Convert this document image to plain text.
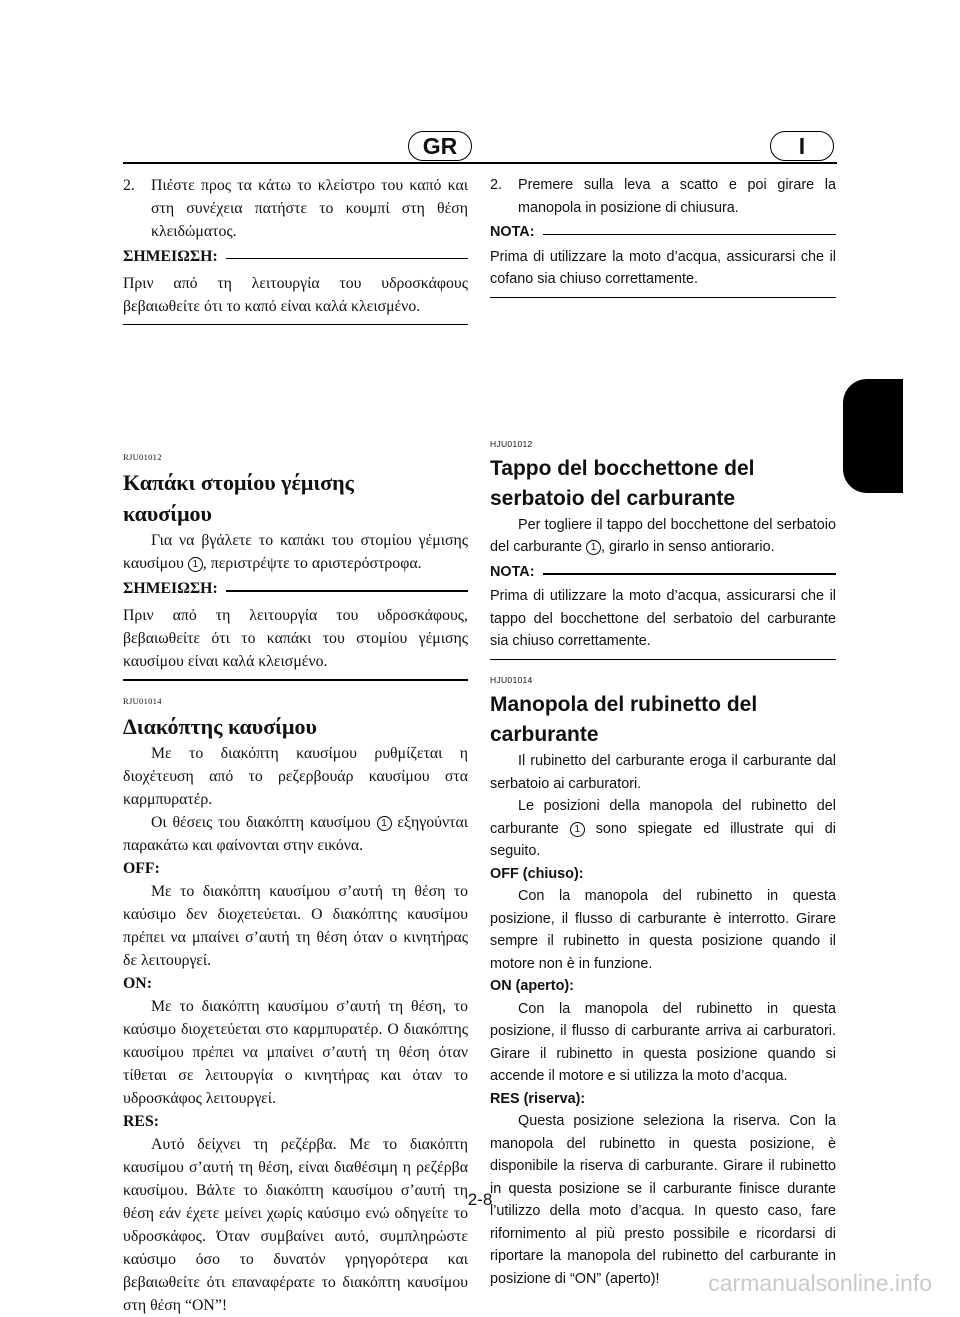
GR	I
2.	Πιέστε προς τα κάτω το κλείστρο του καπό και στη συνέχεια πατήστε το κουμπί στη θέση κλειδώματος.
ΣΗΜΕΙΩΣΗ:

Πριν από τη λειτουργία του υδροσκάφους βεβαιωθείτε ότι το καπό είναι καλά κλεισμένο.

RJU01012
Καπάκι στομίου γέμισης
καυσίμου

Για να βγάλετε το καπάκι του στομίου γέμισης καυσίμου 1 , περιστρέψτε το αριστερόστροφα.

ΣΗΜΕΙΩΣΗ:

Πριν από τη λειτουργία του υδροσκάφους, βεβαιωθείτε ότι το καπάκι του στομίου γέμισης καυσίμου είναι καλά κλεισμένο.

RJU01014
Διακόπτης καυσίμου

Με το διακόπτη καυσίμου ρυθμίζεται η διοχέτευση από το ρεζερβουάρ καυσίμου στα καρμπυρατέρ.

Οι θέσεις του διακόπτη καυσίμου 1 εξηγούνται παρακάτω και φαίνονται στην εικόνα.

OFF:

Με το διακόπτη καυσίμου σ’αυτή τη θέση το καύσιμο δεν διοχετεύεται. Ο διακόπτης καυσίμου πρέπει να μπαίνει σ’αυτή τη θέση όταν ο κινητήρας δε λειτουργεί.

ON:

Με το διακόπτη καυσίμου σ’αυτή τη θέση, το καύσιμο διοχετεύεται στο καρμπυρατέρ. Ο διακόπτης καυσίμου πρέπει να μπαίνει σ’αυτή τη θέση όταν τίθεται σε λειτουργία ο κινητήρας και όταν το υδροσκάφος λειτουργεί.

RES:

Αυτό δείχνει τη ρεζέρβα. Με το διακόπτη καυσίμου σ’αυτή τη θέση, είναι διαθέσιμη η ρεζέρβα καυσίμου. Βάλτε το διακόπτη καυσίμου σ’αυτή τη θέση εάν έχετε μείνει χωρίς καύσιμο ενώ οδηγείτε το υδροσκάφος. Όταν συμβαίνει αυτό, συμπληρώστε καύσιμο όσο το δυνατόν γρηγορότερα και βεβαιωθείτε ότι επαναφέρατε το διακόπτη καυσίμου στη θέση “ON”!

2.	Premere sulla leva a scatto e poi girare la manopola in posizione di chiusura.
NOTA:

Prima di utilizzare la moto d’acqua, assicurarsi che il cofano sia chiuso correttamente.

HJU01012
Tappo del bocchettone del
serbatoio del carburante

Per togliere il tappo del bocchettone del serbatoio del carburante 1 , girarlo in senso antiorario.

NOTA:

Prima di utilizzare la moto d’acqua, assicurarsi che il tappo del bocchettone del serbatoio del carburante sia chiuso correttamente.

HJU01014
Manopola del rubinetto del
carburante

Il rubinetto del carburante eroga il carburante dal serbatoio ai carburatori.

Le posizioni della manopola del rubinetto del carburante 1 sono spiegate ed illustrate qui di seguito.

OFF (chiuso):

Con la manopola del rubinetto in questa posizione, il flusso di carburante è interrotto. Girare sempre il rubinetto in questa posizione quando il motore non è in funzione.

ON (aperto):

Con la manopola del rubinetto in questa posizione, il flusso di carburante arriva ai carburatori. Girare il rubinetto in questa posizione quando si accende il motore e si utilizza la moto d’acqua.

RES (riserva):

Questa posizione seleziona la riserva. Con la manopola del rubinetto in questa posizione, è disponibile la riserva di carburante. Girare il rubinetto in questa posizione se il carburante finisce durante l’utilizzo della moto d’acqua. In questo caso, fare rifornimento al più presto possibile e ricordarsi di riportare la manopola del rubinetto del carburante in posizione di “ON” (aperto)!

2-8
carmanualsonline.info
